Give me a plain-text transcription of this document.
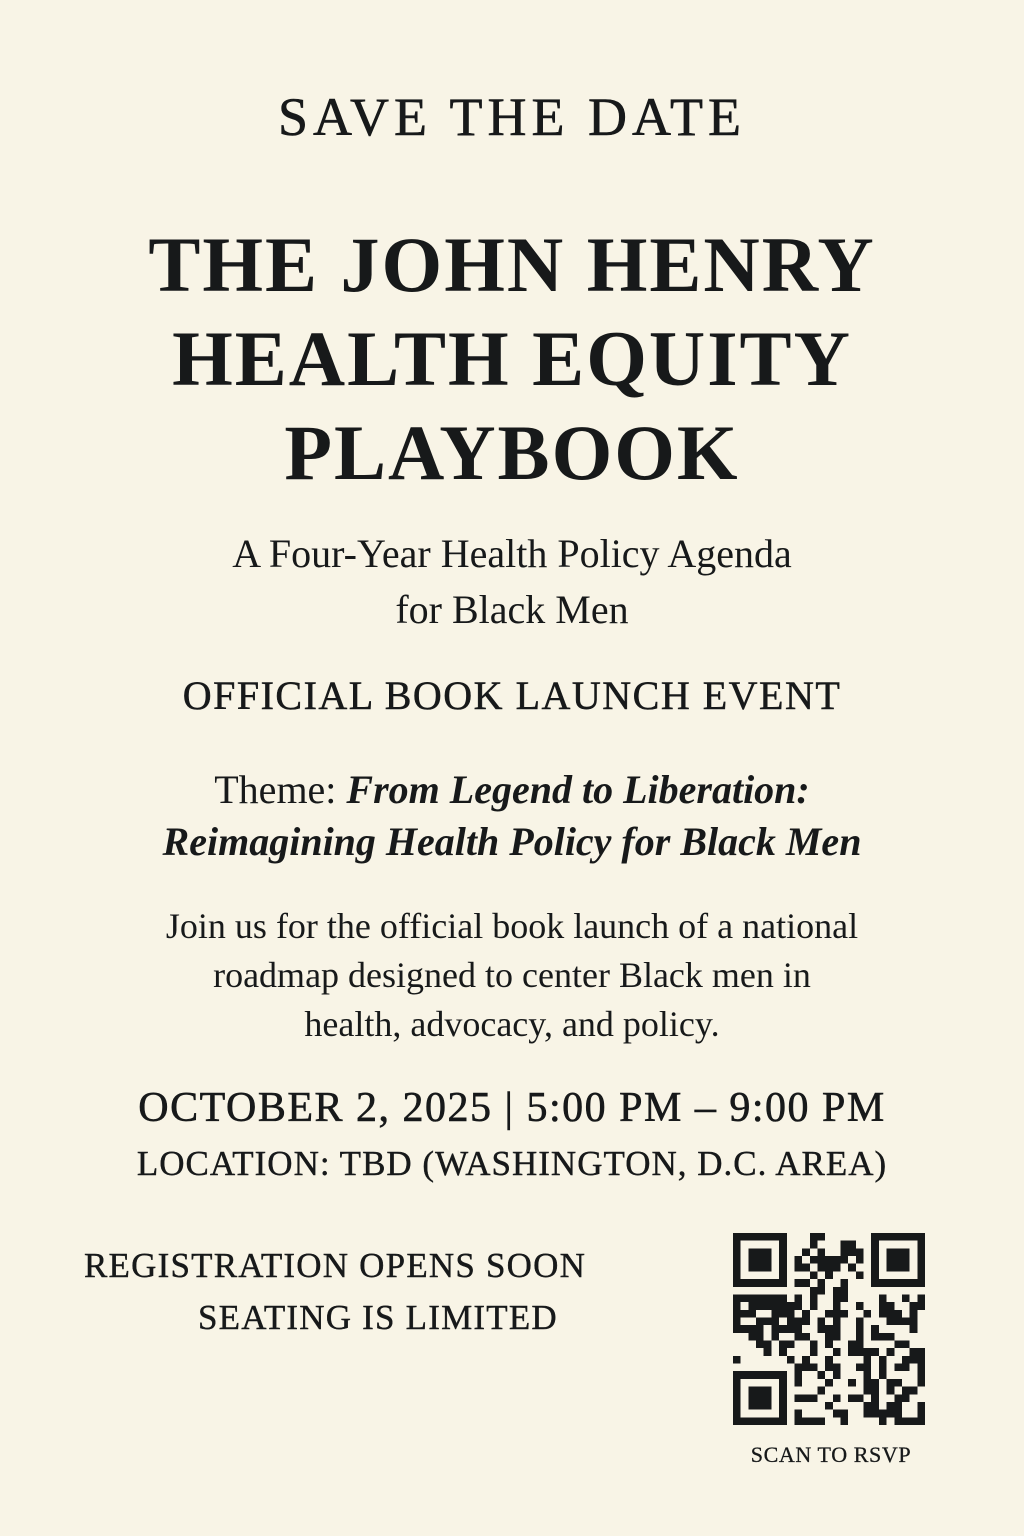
SAVE THE DATE
THE JOHN HENRY
HEALTH EQUITY
PLAYBOOK
A Four-Year Health Policy Agenda
for Black Men
OFFICIAL BOOK LAUNCH EVENT
Theme: From Legend to Liberation:
Reimagining Health Policy for Black Men
Join us for the official book launch of a national
roadmap designed to center Black men in
health, advocacy, and policy.
OCTOBER 2, 2025 | 5:00 PM – 9:00 PM
LOCATION: TBD (WASHINGTON, D.C. AREA)
REGISTRATION OPENS SOON
SEATING IS LIMITED
SCAN TO RSVP
